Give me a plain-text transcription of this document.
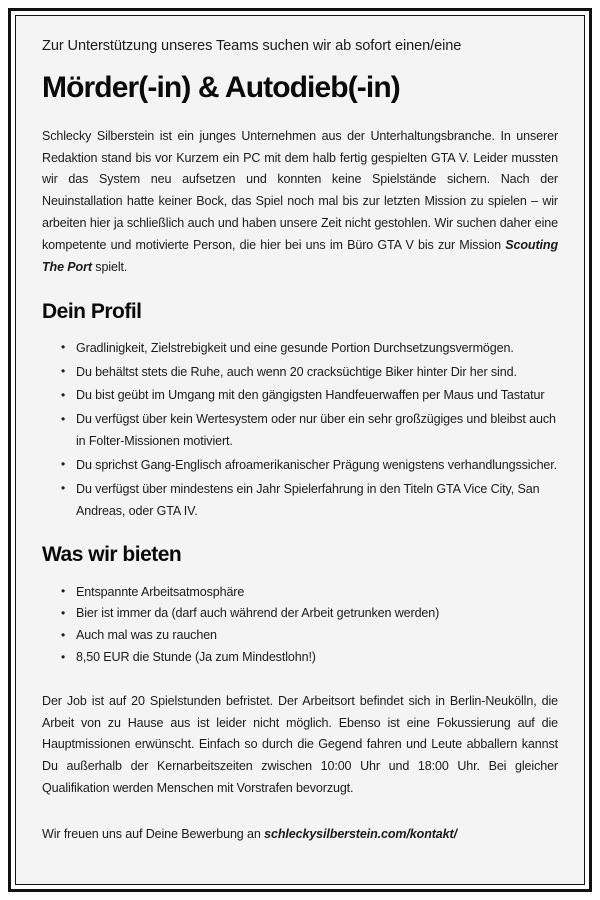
Zur Unterstützung unseres Teams suchen wir ab sofort einen/eine

Mörder(-in) & Autodieb(-in)

Schlecky Silberstein ist ein junges Unternehmen aus der Unterhaltungsbranche. In unserer Redaktion stand bis vor Kurzem ein PC mit dem halb fertig gespielten GTA V. Leider mussten wir das System neu aufsetzen und konnten keine Spielstände sichern. Nach der Neuinstallation hatte keiner Bock, das Spiel noch mal bis zur letzten Mission zu spielen – wir arbeiten hier ja schließlich auch und haben unsere Zeit nicht gestohlen. Wir suchen daher eine kompetente und motivierte Person, die hier bei uns im Büro GTA V bis zur Mission Scouting The Port spielt.

Dein Profil
• Gradlinigkeit, Zielstrebigkeit und eine gesunde Portion Durchsetzungsvermögen.
• Du behältst stets die Ruhe, auch wenn 20 cracksüchtige Biker hinter Dir her sind.
• Du bist geübt im Umgang mit den gängigsten Handfeuerwaffen per Maus und Tastatur
• Du verfügst über kein Wertesystem oder nur über ein sehr großzügiges und bleibst auch in Folter-Missionen motiviert.
• Du sprichst Gang-Englisch afroamerikanischer Prägung wenigstens verhandlungssicher.
• Du verfügst über mindestens ein Jahr Spielerfahrung in den Titeln GTA Vice City, San Andreas, oder GTA IV.
Was wir bieten
• Entspannte Arbeitsatmosphäre
• Bier ist immer da (darf auch während der Arbeit getrunken werden)
• Auch mal was zu rauchen
• 8,50 EUR die Stunde (Ja zum Mindestlohn!)

Der Job ist auf 20 Spielstunden befristet. Der Arbeitsort befindet sich in Berlin-Neukölln, die Arbeit von zu Hause aus ist leider nicht möglich. Ebenso ist eine Fokussierung auf die Hauptmissionen erwünscht. Einfach so durch die Gegend fahren und Leute abballern kannst Du außerhalb der Kernarbeitszeiten zwischen 10:00 Uhr und 18:00 Uhr. Bei gleicher Qualifikation werden Menschen mit Vorstrafen bevorzugt.

Wir freuen uns auf Deine Bewerbung an schleckysilberstein.com/kontakt/
